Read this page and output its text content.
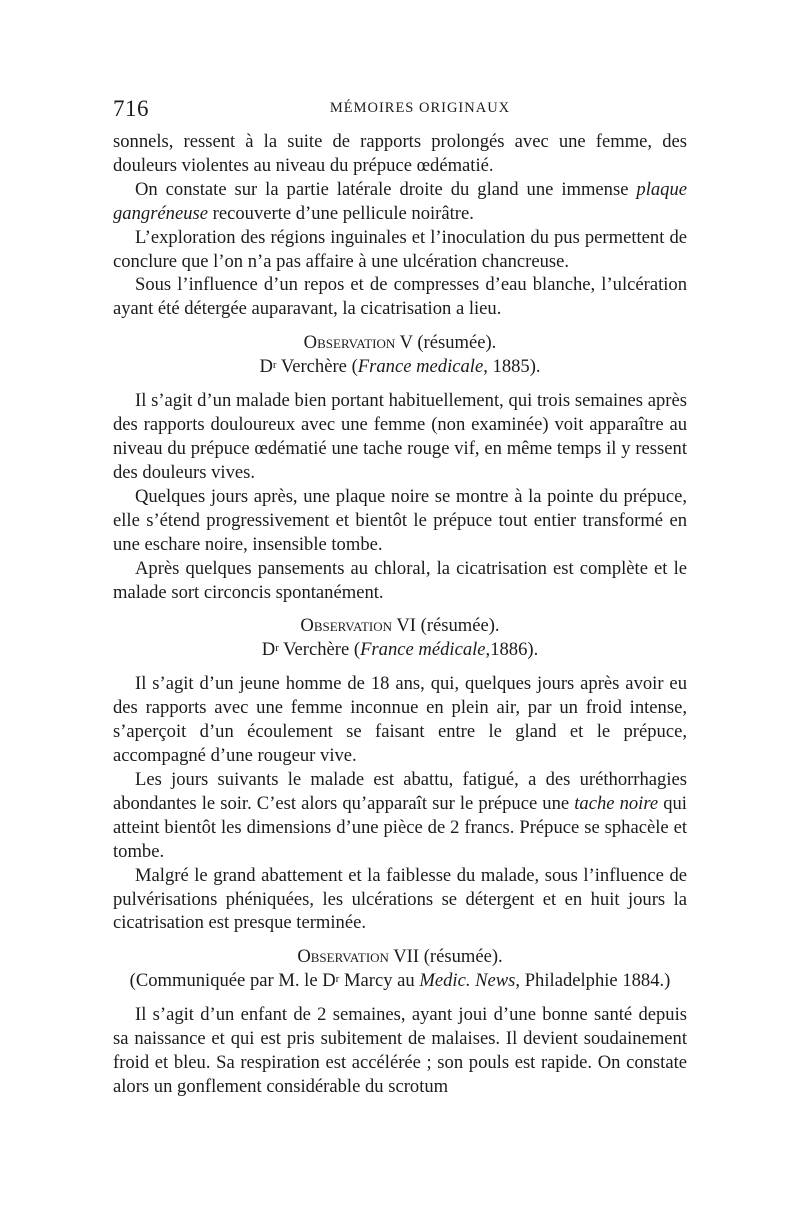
716	MÉMOIRES ORIGINAUX

sonnels, ressent à la suite de rapports prolongés avec une femme, des douleurs violentes au niveau du prépuce œdématié.

On constate sur la partie latérale droite du gland une immense plaque gangréneuse recouverte d’une pellicule noirâtre.

L’exploration des régions inguinales et l’inoculation du pus permettent de conclure que l’on n’a pas affaire à une ulcération chancreuse.

Sous l’influence d’un repos et de compresses d’eau blanche, l’ulcération ayant été détergée auparavant, la cicatrisation a lieu.

Observation V (résumée).

$D^r$ Verchère (France medicale, 1885).

Il s’agit d’un malade bien portant habituellement, qui trois semaines après des rapports douloureux avec une femme (non examinée) voit apparaître au niveau du prépuce œdématié une tache rouge vif, en même temps il y ressent des douleurs vives.

Quelques jours après, une plaque noire se montre à la pointe du prépuce, elle s’étend progressivement et bientôt le prépuce tout entier transformé en une eschare noire, insensible tombe.

Après quelques pansements au chloral, la cicatrisation est complète et le malade sort circoncis spontanément.

Observation VI (résumée).

$D^r$ Verchère (France médicale,1886).

Il s’agit d’un jeune homme de 18 ans, qui, quelques jours après avoir eu des rapports avec une femme inconnue en plein air, par un froid intense, s’aperçoit d’un écoulement se faisant entre le gland et le prépuce, accompagné d’une rougeur vive.

Les jours suivants le malade est abattu, fatigué, a des uréthorrhagies abondantes le soir. C’est alors qu’apparaît sur le prépuce une tache noire qui atteint bientôt les dimensions d’une pièce de 2 francs. Prépuce se sphacèle et tombe.

Malgré le grand abattement et la faiblesse du malade, sous l’influence de pulvérisations phéniquées, les ulcérations se détergent et en huit jours la cicatrisation est presque terminée.

Observation VII (résumée).

(Communiquée par M. le $D^r$ Marcy au Medic. News, Philadelphie 1884.)

Il s’agit d’un enfant de 2 semaines, ayant joui d’une bonne santé depuis sa naissance et qui est pris subitement de malaises. Il devient soudainement froid et bleu. Sa respiration est accélérée ; son pouls est rapide. On constate alors un gonflement considérable du scrotum
